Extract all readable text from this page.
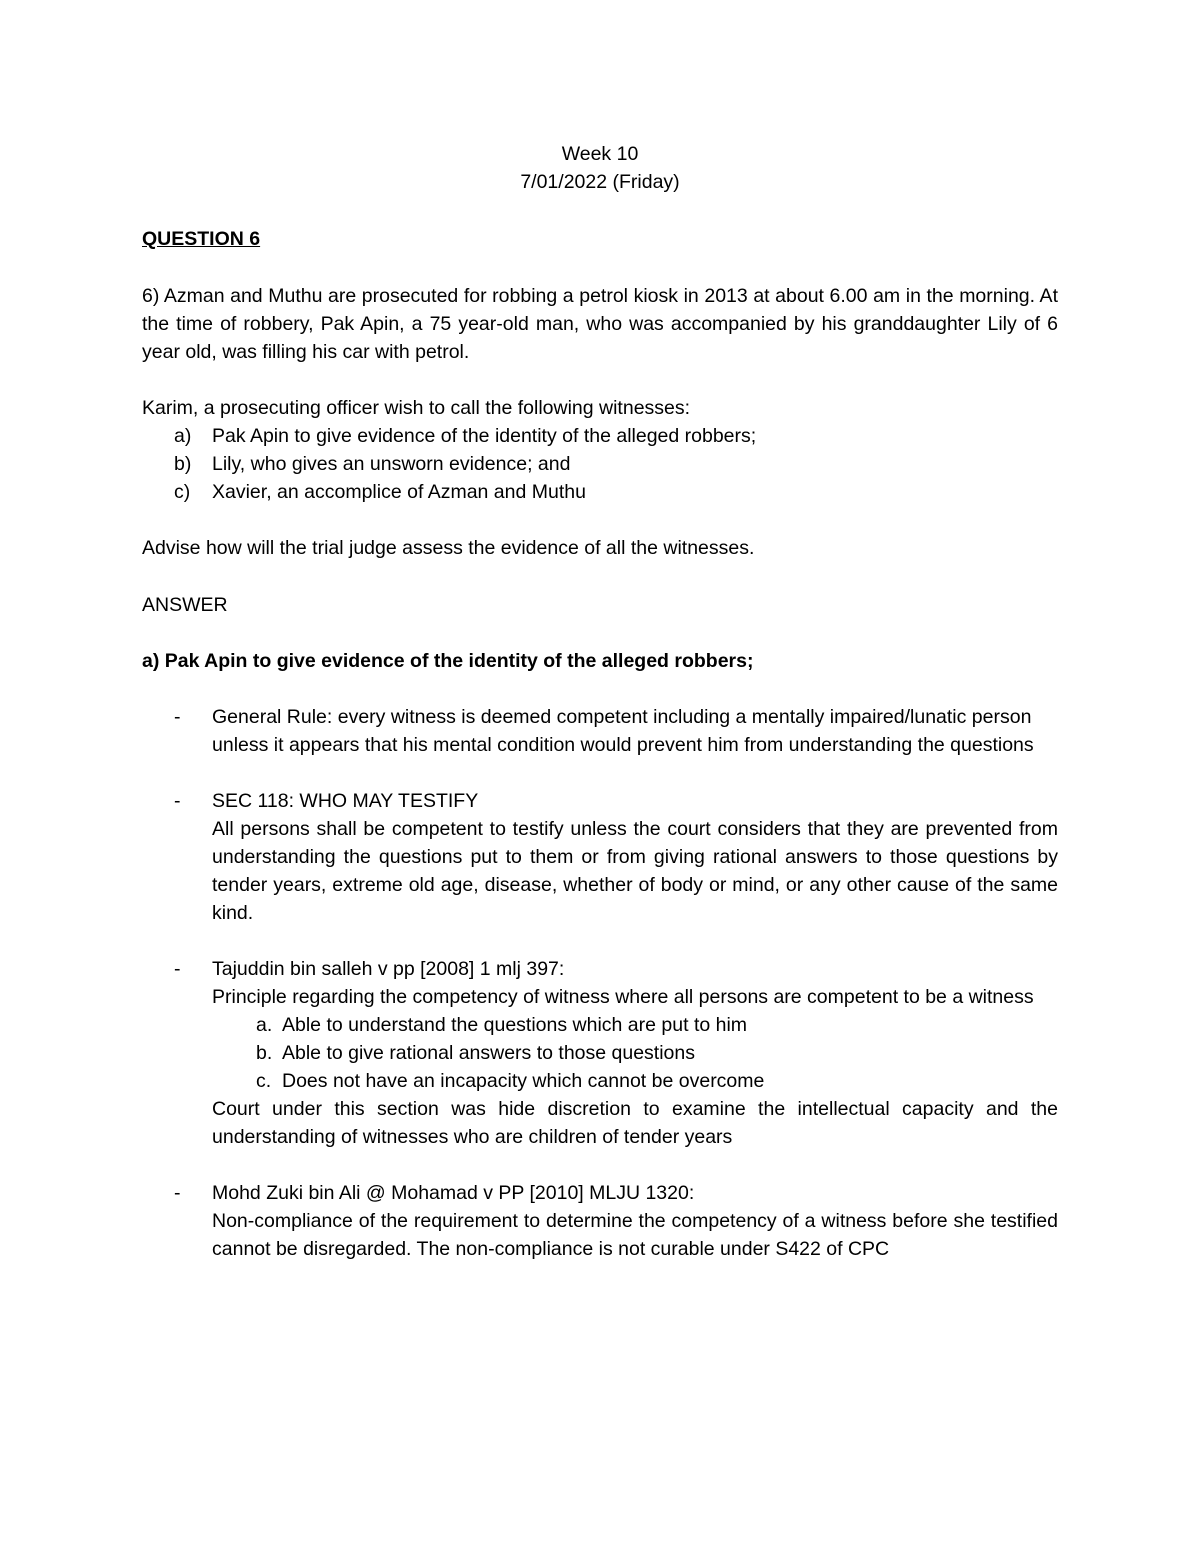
Week 10
7/01/2022 (Friday)
QUESTION 6
6) Azman and Muthu are prosecuted for robbing a petrol kiosk in 2013 at about 6.00 am in the morning. At the time of robbery, Pak Apin, a 75 year-old man, who was accompanied by his granddaughter Lily of 6 year old, was filling his car with petrol.
Karim, a prosecuting officer wish to call the following witnesses:
a) Pak Apin to give evidence of the identity of the alleged robbers;
b) Lily, who gives an unsworn evidence; and
c) Xavier, an accomplice of Azman and Muthu
Advise how will the trial judge assess the evidence of all the witnesses.
ANSWER
a) Pak Apin to give evidence of the identity of the alleged robbers;
- General Rule: every witness is deemed competent including a mentally impaired/lunatic person unless it appears that his mental condition would prevent him from understanding the questions
- SEC 118: WHO MAY TESTIFY
All persons shall be competent to testify unless the court considers that they are prevented from understanding the questions put to them or from giving rational answers to those questions by tender years, extreme old age, disease, whether of body or mind, or any other cause of the same kind.
- Tajuddin bin salleh v pp [2008] 1 mlj 397:
Principle regarding the competency of witness where all persons are competent to be a witness
a. Able to understand the questions which are put to him
b. Able to give rational answers to those questions
c. Does not have an incapacity which cannot be overcome
Court under this section was hide discretion to examine the intellectual capacity and the understanding of witnesses who are children of tender years
- Mohd Zuki bin Ali @ Mohamad v PP [2010] MLJU 1320:
Non-compliance of the requirement to determine the competency of a witness before she testified cannot be disregarded. The non-compliance is not curable under S422 of CPC
